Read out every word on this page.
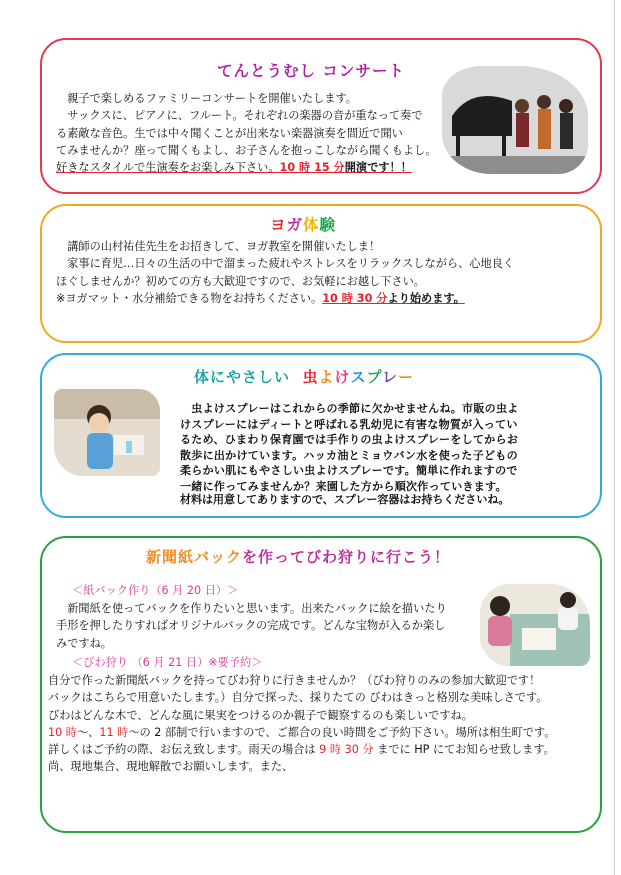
てんとうむし コンサート
　親子で楽しめるファミリーコンサートを開催いたします。
　サックスに、ピアノに、フルート。それぞれの楽器の音が重なって奏で
る素敵な音色。生では中々聞くことが出来ない楽器演奏を間近で聞い
てみませんか？座って聞くもよし、お子さんを抱っこしながら聞くもよし。
好きなスタイルで生演奏をお楽しみ下さい。10 時 15 分開演です！！
ヨガ体験
　講師の山村祐佳先生をお招きして、ヨガ教室を開催いたしま！
　家事に育児…日々の生活の中で溜まった疲れやストレスをリラックスしながら、心地良く
ほぐしませんか？初めての方も大歓迎ですので、お気軽にお越し下さい。
※ヨガマット・水分補給できる物をお持ちください。10 時 30 分より始めます。
体にやさしい 虫よけスプレー
　虫よけスプレーはこれからの季節に欠かせませんね。市販の虫よ
けスプレーにはディートと呼ばれる乳幼児に有害な物質が入ってい
るため、ひまわり保育園では手作りの虫よけスプレーをしてからお
散歩に出かけています。ハッカ油とミョウバン水を使った子どもの
柔らかい肌にもやさしい虫よけスプレーです。簡単に作れますので
一緒に作ってみませんか？来園した方から順次作っていきます。
材料は用意してありますので、スプレー容器はお持ちくださいね。
新聞紙バックを作ってびわ狩りに行こう！
＜紙バック作り（6 月 20 日）＞
　新聞紙を使ってバックを作りたいと思います。出来たバックに絵を描いたり
手形を押したりすればオリジナルバックの完成です。どんな宝物が入るか楽し
みですね。
＜びわ狩り （6 月 21 日）※要予約＞
自分で作った新聞紙バックを持ってびわ狩りに行きませんか？（びわ狩りのみの参加大歓迎です！
バックはこちらで用意いたします。）自分で探った、採りたての びわはきっと格別な美味しさです。
びわはどんな木で、どんな風に果実をつけるのか親子で観察するのも楽しいですね。
10 時～、11 時～の 2 部制で行いますので、ご都合の良い時間をご予約下さい。場所は相生町です。
詳しくはご予約の際、お伝え致します。雨天の場合は 9 時 30 分 までに HP にてお知らせ致します。
尚、現地集合、現地解散でお願いします。また、
